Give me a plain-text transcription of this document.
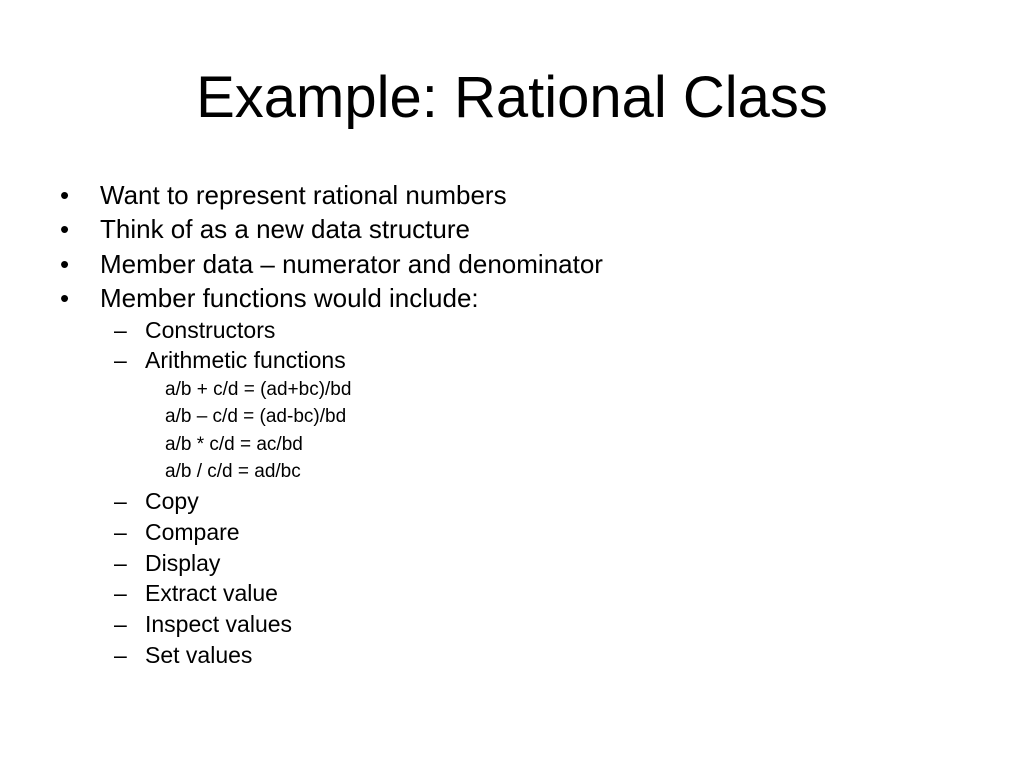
Example: Rational Class
• Want to represent rational numbers
• Think of as a new data structure
• Member data – numerator and denominator
• Member functions would include:
– Constructors
– Arithmetic functions
a/b + c/d = (ad+bc)/bd
a/b – c/d = (ad-bc)/bd
a/b * c/d = ac/bd
a/b / c/d = ad/bc
– Copy
– Compare
– Display
– Extract value
– Inspect values
– Set values
